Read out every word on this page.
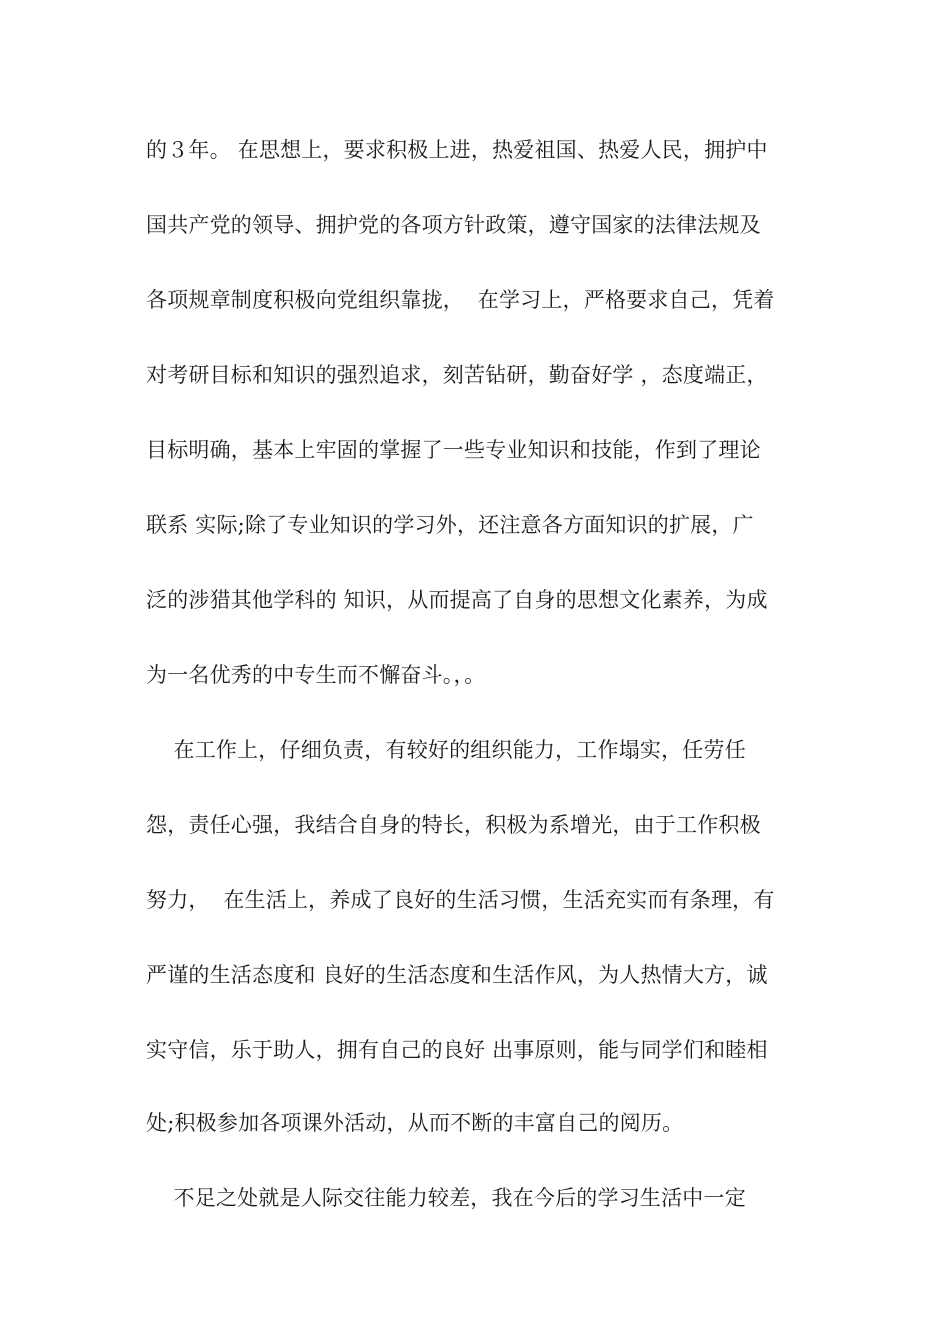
的３年。 在思想上，要求积极上进，热爱祖国、热爱人民，拥护中
国共产党的领导、拥护党的各项方针政策，遵守国家的法律法规及
各项规章制度积极向党组织靠拢，  在学习上，严格要求自己，凭着
对考研目标和知识的强烈追求，刻苦钻研，勤奋好学 ，态度端正，
目标明确，基本上牢固的掌握了一些专业知识和技能，作到了理论
联系 实际;除了专业知识的学习外，还注意各方面知识的扩展，广
泛的涉猎其他学科的 知识，从而提高了自身的思想文化素养，为成
为一名优秀的中专生而不懈奋斗。，。
在工作上，仔细负责，有较好的组织能力，工作塌实，任劳任
怨，责任心强，我结合自身的特长，积极为系增光，由于工作积极
努力，  在生活上，养成了良好的生活习惯，生活充实而有条理，有
严谨的生活态度和 良好的生活态度和生活作风，为人热情大方，诚
实守信，乐于助人，拥有自己的良好 出事原则，能与同学们和睦相
处;积极参加各项课外活动，从而不断的丰富自己的阅历。
不足之处就是人际交往能力较差，我在今后的学习生活中一定
